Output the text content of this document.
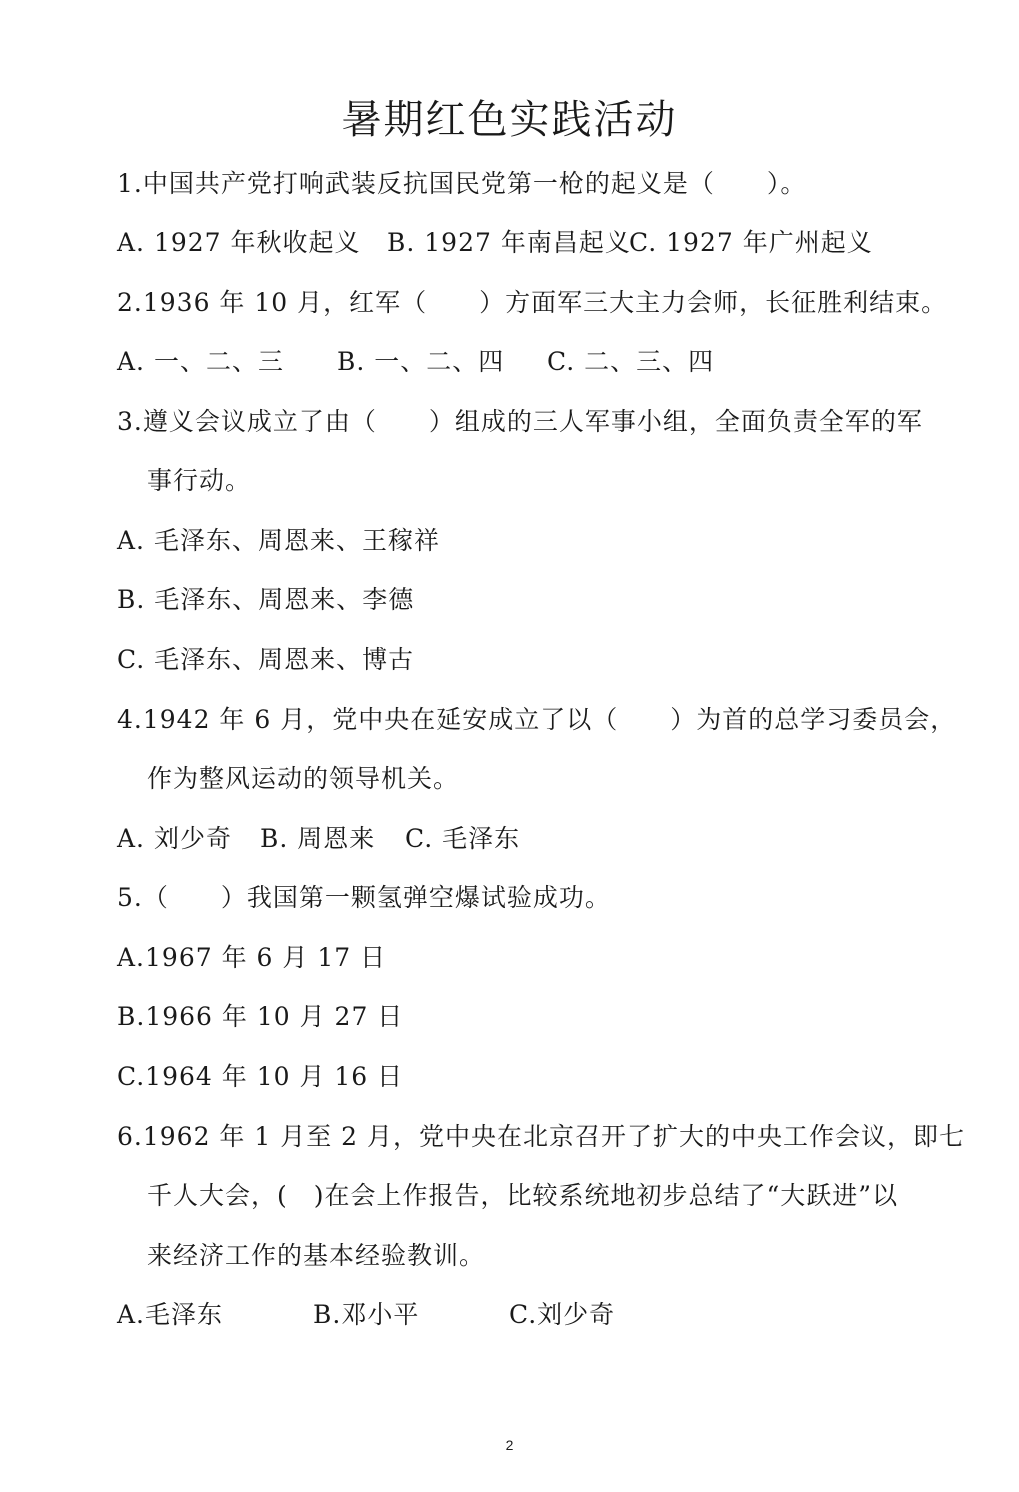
暑期红色实践活动
1.中国共产党打响武装反抗国民党第一枪的起义是（　　）。
A. 1927 年秋收起义 B. 1927 年南昌起义C. 1927 年广州起义
2.1936 年 10 月，红军（　　）方面军三大主力会师，长征胜利结束。
A. 一、二、三 B. 一、二、四 C. 二、三、四
3.遵义会议成立了由（　　）组成的三人军事小组，全面负责全军的军
事行动。
A. 毛泽东、周恩来、王稼祥
B. 毛泽东、周恩来、李德
C. 毛泽东、周恩来、博古
4.1942 年 6 月，党中央在延安成立了以（　　）为首的总学习委员会，
作为整风运动的领导机关。
A. 刘少奇 B. 周恩来 C. 毛泽东
5.（　　）我国第一颗氢弹空爆试验成功。
A.1967 年 6 月 17 日
B.1966 年 10 月 27 日
C.1964 年 10 月 16 日
6.1962 年 1 月至 2 月，党中央在北京召开了扩大的中央工作会议，即七
千人大会，(　)在会上作报告，比较系统地初步总结了“大跃进”以
来经济工作的基本经验教训。
A.毛泽东	B.邓小平	C.刘少奇
2
